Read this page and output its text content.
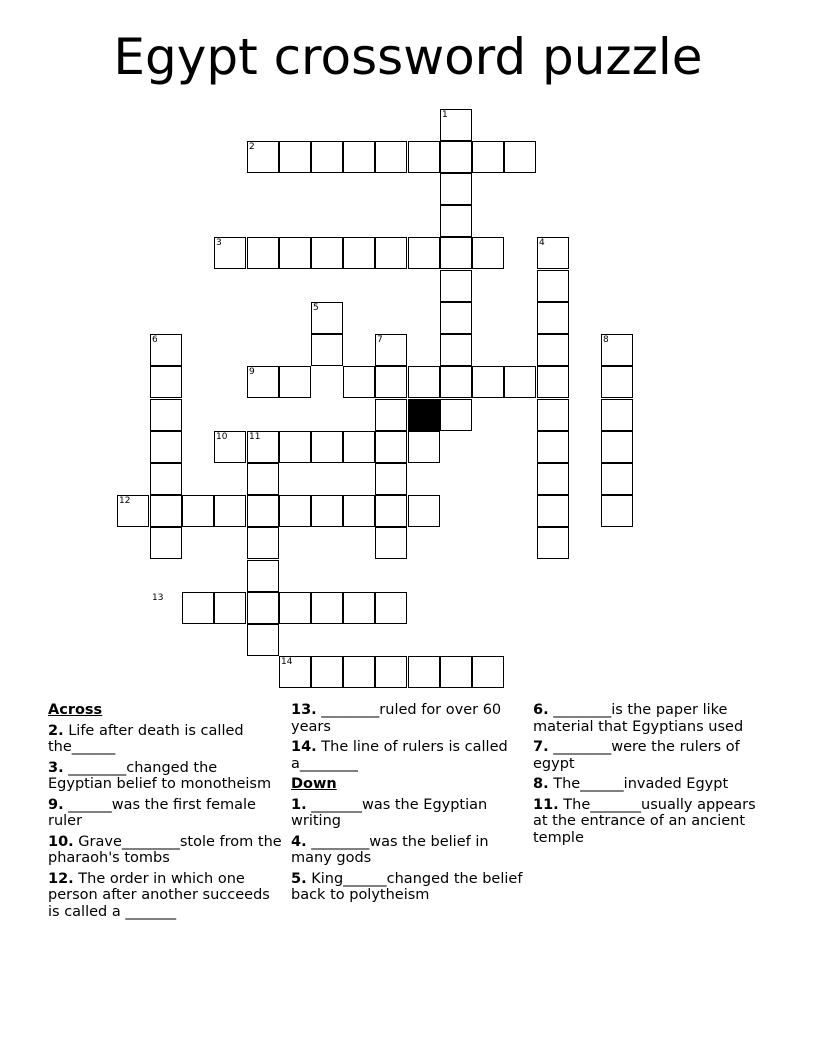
Egypt crossword puzzle
1
2
3	4
5
6	7	8
9
10 11
12
13
14
Across
2. Life after death is called the______
3. ________changed the Egyptian belief to monotheism
9. ______was the first female ruler
10. Grave________stole from the pharaoh's tombs
12. The order in which one person after another succeeds is called a _______
13. ________ruled for over 60 years
14. The line of rulers is called a________
Down
1. _______was the Egyptian writing
4. ________was the belief in many gods
5. King______changed the belief back to polytheism
6. ________is the paper like material that Egyptians used
7. ________were the rulers of egypt
8. The______invaded Egypt
11. The_______usually appears at the entrance of an ancient temple
